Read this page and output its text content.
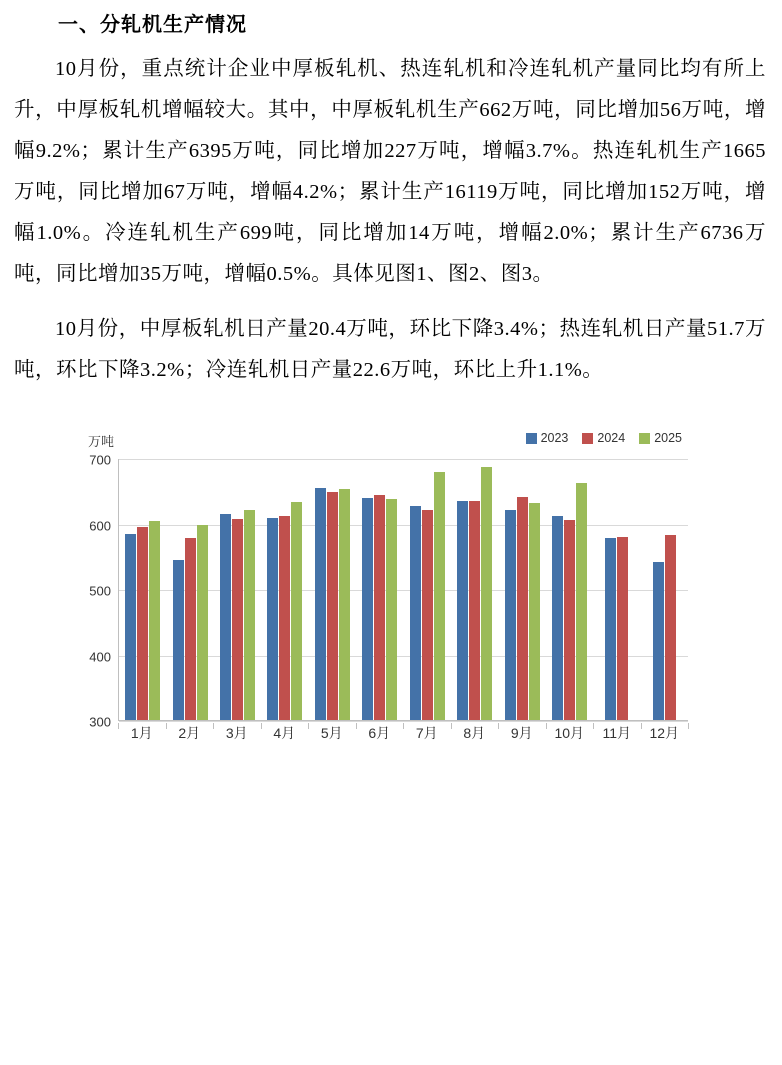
一、分轧机生产情况

10月份，重点统计企业中厚板轧机、热连轧机和冷连轧机产量同比均有所上升，中厚板轧机增幅较大。其中，中厚板轧机生产662万吨，同比增加56万吨，增幅9.2%；累计生产6395万吨，同比增加227万吨，增幅3.7%。热连轧机生产1665万吨，同比增加67万吨，增幅4.2%；累计生产16119万吨，同比增加152万吨，增幅1.0%。冷连轧机生产699吨，同比增加14万吨，增幅2.0%；累计生产6736万吨，同比增加35万吨，增幅0.5%。具体见图1、图2、图3。

10月份，中厚板轧机日产量20.4万吨，环比下降3.4%；热连轧机日产量51.7万吨，环比下降3.2%；冷连轧机日产量22.6万吨，环比上升1.1%。

万吨	2023 2024 2025
300
400
500
600
700
1月	2月	3月	4月	5月	6月	7月	8月	9月	10月	11月	12月
